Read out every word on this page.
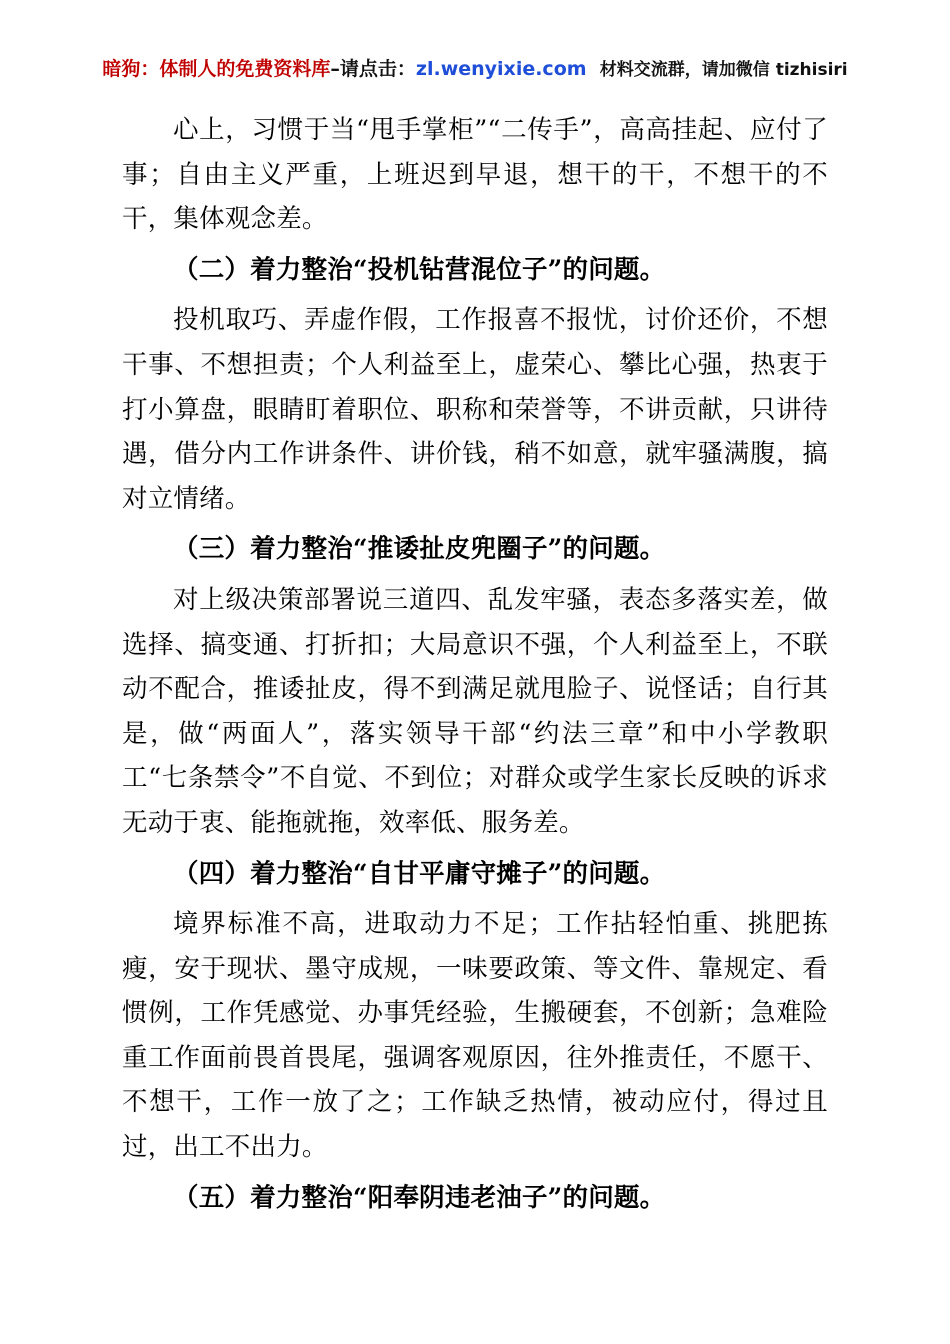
暗狗：体制人的免费资料库–请点击：zl.wenyixie.com 材料交流群，请加微信 tizhisiri

心上，习惯于当“甩手掌柜”“二传手”，高高挂起、应付了事；自由主义严重，上班迟到早退，想干的干，不想干的不干，集体观念差。

（二）着力整治“投机钻营混位子”的问题。

投机取巧、弄虚作假，工作报喜不报忧，讨价还价，不想干事、不想担责；个人利益至上，虚荣心、攀比心强，热衷于打小算盘，眼睛盯着职位、职称和荣誉等，不讲贡献，只讲待遇，借分内工作讲条件、讲价钱，稍不如意，就牢骚满腹，搞对立情绪。

（三）着力整治“推诿扯皮兜圈子”的问题。

对上级决策部署说三道四、乱发牢骚，表态多落实差，做选择、搞变通、打折扣；大局意识不强，个人利益至上，不联动不配合，推诿扯皮，得不到满足就甩脸子、说怪话；自行其是，做“两面人”，落实领导干部“约法三章”和中小学教职工“七条禁令”不自觉、不到位；对群众或学生家长反映的诉求无动于衷、能拖就拖，效率低、服务差。

（四）着力整治“自甘平庸守摊子”的问题。

境界标准不高，进取动力不足；工作拈轻怕重、挑肥拣瘦，安于现状、墨守成规，一味要政策、等文件、靠规定、看惯例，工作凭感觉、办事凭经验，生搬硬套，不创新；急难险重工作面前畏首畏尾，强调客观原因，往外推责任，不愿干、不想干，工作一放了之；工作缺乏热情，被动应付，得过且过，出工不出力。

（五）着力整治“阳奉阴违老油子”的问题。
